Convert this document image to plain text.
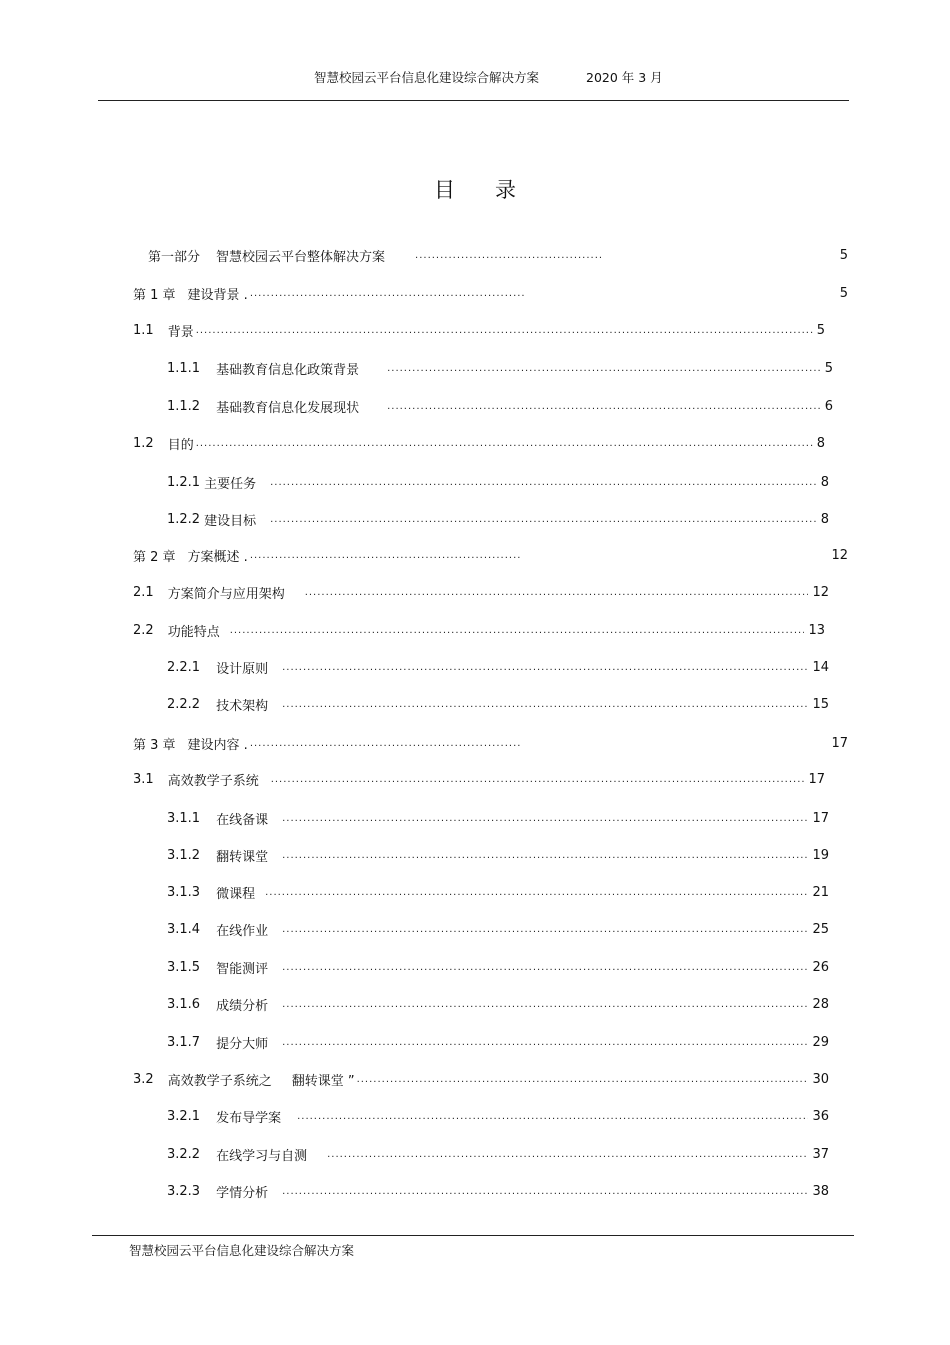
智慧校园云平台信息化建设综合解决方案	2020 年 3 月
目录
第一部分 智慧校园云平台整体解决方案 .....	5
第 1 章 建设背景 . .....	5
1.1 背景 .....	5
1.1.1 基础教育信息化政策背景 .....	5
1.1.2 基础教育信息化发展现状 .....	6
1.2 目的 .....	8
1.2.1 主要任务 .....	8
1.2.2 建设目标 .....	8
第 2 章 方案概述 . .....	12
2.1 方案简介与应用架构 .....	12
2.2 功能特点 .....	13
2.2.1 设计原则 .....	14
2.2.2 技术架构 .....	15
第 3 章 建设内容 . .....	17
3.1 高效教学子系统 .....	17
3.1.1 在线备课 .....	17
3.1.2 翻转课堂 .....	19
3.1.3 微课程 .....	21
3.1.4 在线作业 .....	25
3.1.5 智能测评 .....	26
3.1.6 成绩分析 .....	28
3.1.7 提分大师 .....	29
3.2 高效教学子系统之 翻转课堂 ” .....	30
3.2.1 发布导学案 .....	36
3.2.2 在线学习与自测 .....	37
3.2.3 学情分析 .....	38
智慧校园云平台信息化建设综合解决方案
